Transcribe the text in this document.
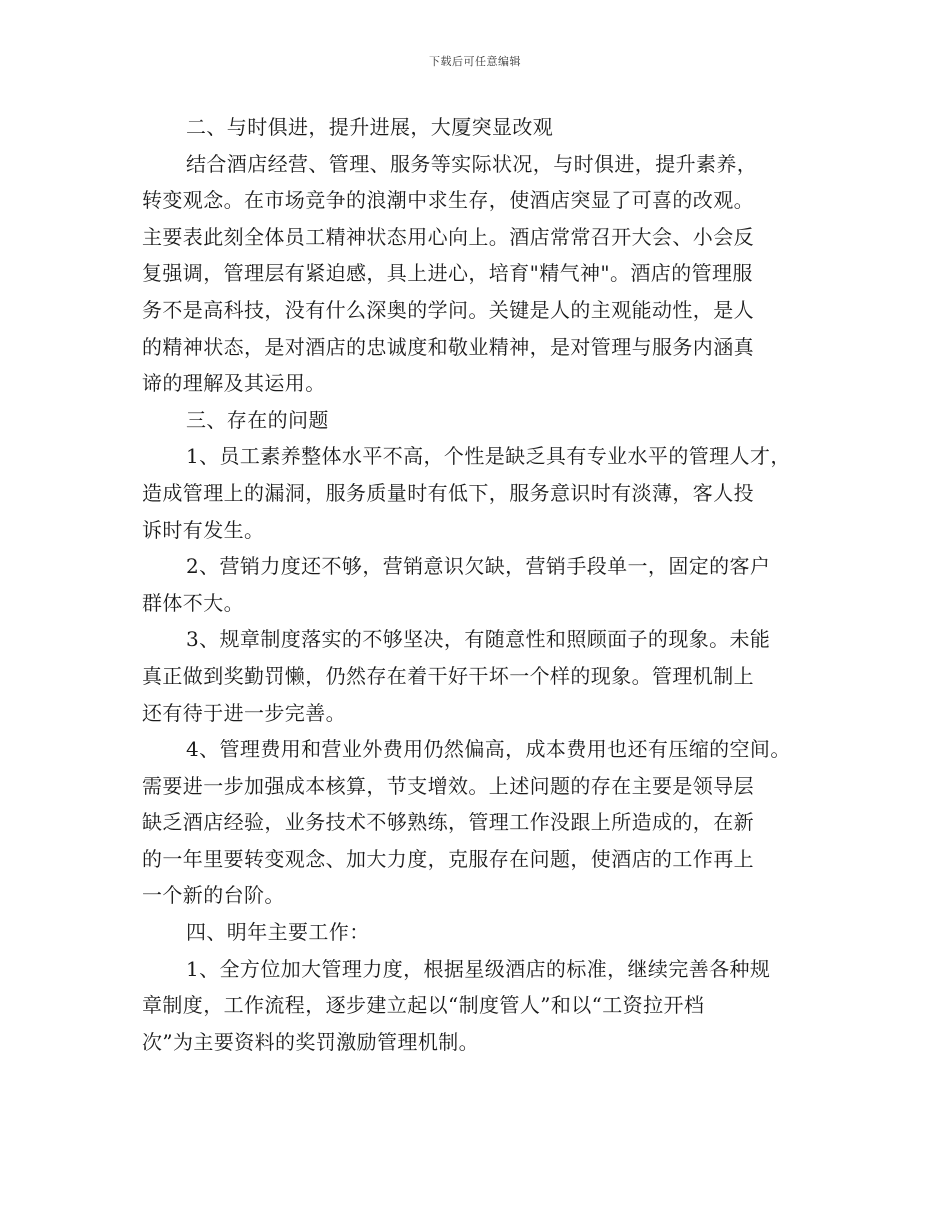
下载后可任意编辑
二、与时俱进，提升进展，大厦突显改观
结合酒店经营、管理、服务等实际状况，与时俱进，提升素养，
转变观念。在市场竞争的浪潮中求生存，使酒店突显了可喜的改观。
主要表此刻全体员工精神状态用心向上。酒店常常召开大会、小会反
复强调，管理层有紧迫感，具上进心，培育"精气神"。酒店的管理服
务不是高科技，没有什么深奥的学问。关键是人的主观能动性，是人
的精神状态，是对酒店的忠诚度和敬业精神，是对管理与服务内涵真
谛的理解及其运用。
三、存在的问题
1、员工素养整体水平不高，个性是缺乏具有专业水平的管理人才，
造成管理上的漏洞，服务质量时有低下，服务意识时有淡薄，客人投
诉时有发生。
2、营销力度还不够，营销意识欠缺，营销手段单一，固定的客户
群体不大。
3、规章制度落实的不够坚决，有随意性和照顾面子的现象。未能
真正做到奖勤罚懒，仍然存在着干好干坏一个样的现象。管理机制上
还有待于进一步完善。
4、管理费用和营业外费用仍然偏高，成本费用也还有压缩的空间。
需要进一步加强成本核算，节支增效。上述问题的存在主要是领导层
缺乏酒店经验，业务技术不够熟练，管理工作没跟上所造成的，在新
的一年里要转变观念、加大力度，克服存在问题，使酒店的工作再上
一个新的台阶。
四、明年主要工作：
1、全方位加大管理力度，根据星级酒店的标准，继续完善各种规
章制度，工作流程，逐步建立起以“制度管人”和以“工资拉开档
次”为主要资料的奖罚激励管理机制。
